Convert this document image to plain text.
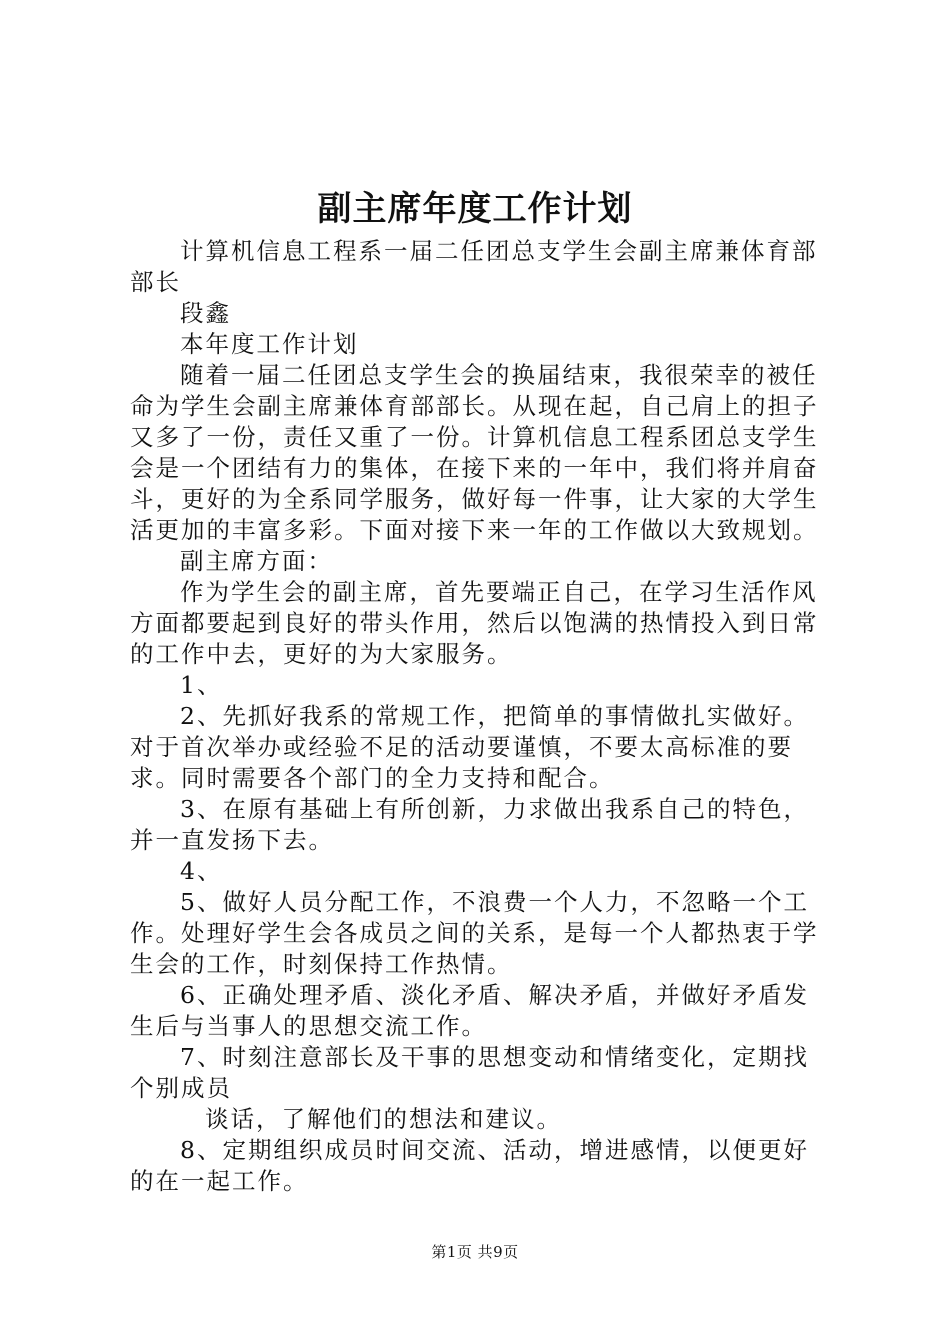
副主席年度工作计划

计算机信息工程系一届二任团总支学生会副主席兼体育部部长

段鑫

本年度工作计划

随着一届二任团总支学生会的换届结束，我很荣幸的被任命为学生会副主席兼体育部部长。从现在起，自己肩上的担子又多了一份，责任又重了一份。计算机信息工程系团总支学生会是一个团结有力的集体，在接下来的一年中，我们将并肩奋斗，更好的为全系同学服务，做好每一件事，让大家的大学生活更加的丰富多彩。下面对接下来一年的工作做以大致规划。

副主席方面：

作为学生会的副主席，首先要端正自己，在学习生活作风方面都要起到良好的带头作用，然后以饱满的热情投入到日常的工作中去，更好的为大家服务。

1、

2、先抓好我系的常规工作，把简单的事情做扎实做好。对于首次举办或经验不足的活动要谨慎，不要太高标准的要求。同时需要各个部门的全力支持和配合。

3、在原有基础上有所创新，力求做出我系自己的特色，并一直发扬下去。

4、

5、做好人员分配工作，不浪费一个人力，不忽略一个工作。处理好学生会各成员之间的关系，是每一个人都热衷于学生会的工作，时刻保持工作热情。

6、正确处理矛盾、淡化矛盾、解决矛盾，并做好矛盾发生后与当事人的思想交流工作。

7、时刻注意部长及干事的思想变动和情绪变化，定期找个别成员

谈话，了解他们的想法和建议。

8、定期组织成员时间交流、活动，增进感情，以便更好的在一起工作。

第1页 共9页
